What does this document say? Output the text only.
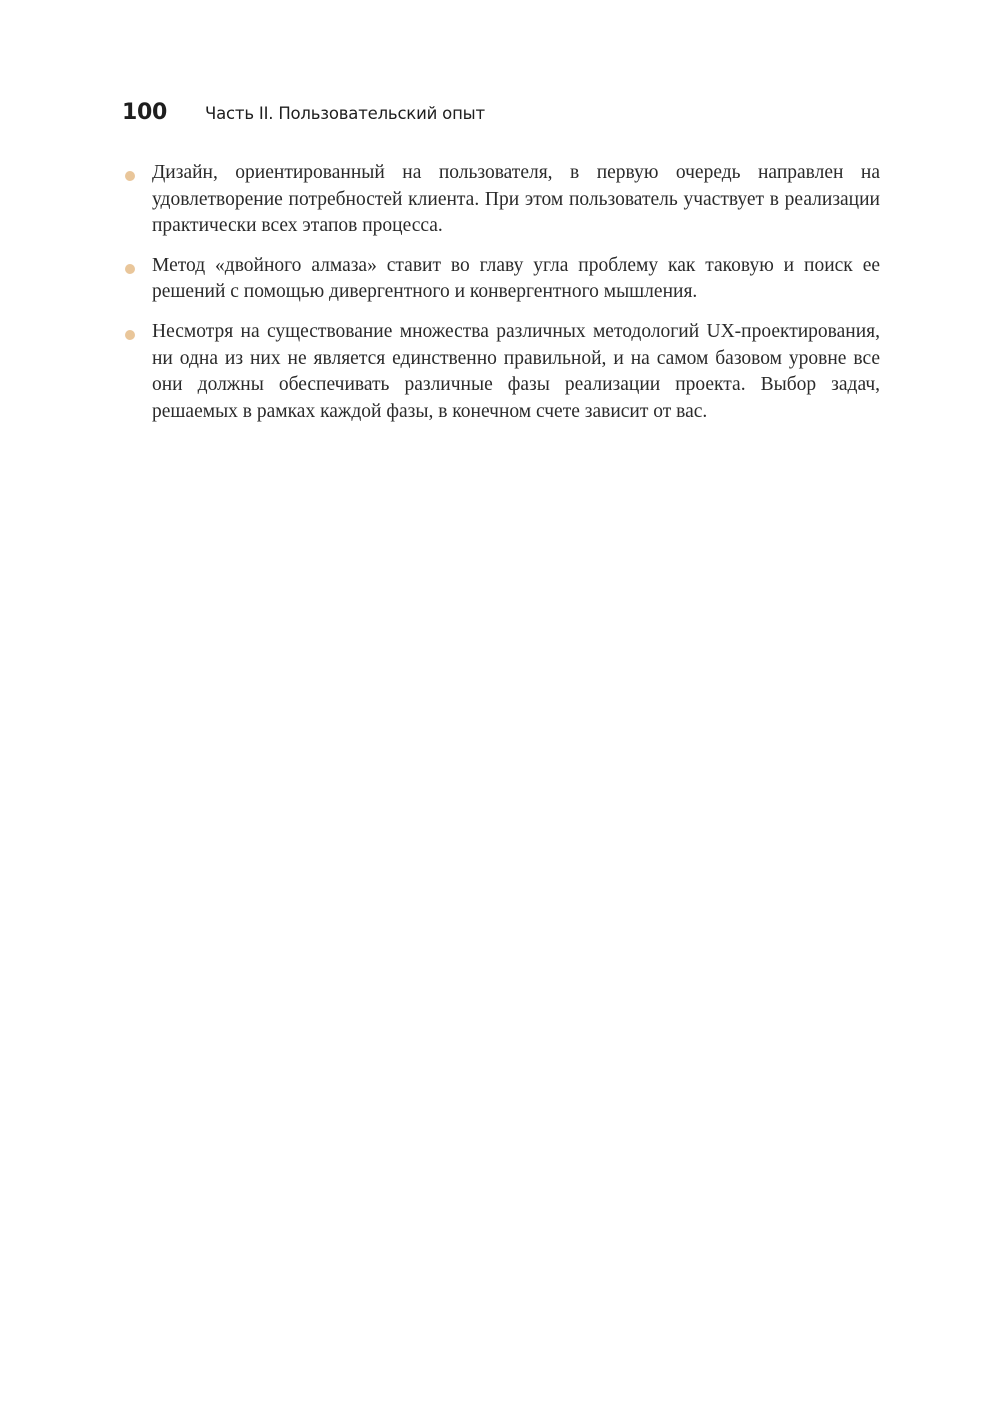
100 Часть II. Пользовательский опыт
Дизайн, ориентированный на пользователя, в первую очередь направлен на удовлетворение потребностей клиента. При этом пользователь участвует в реализации практически всех этапов процесса.
Метод «двойного алмаза» ставит во главу угла проблему как таковую и поиск ее решений с помощью дивергентного и конвергентного мышления.
Несмотря на существование множества различных методологий UX-проектирования, ни одна из них не является единственно правильной, и на самом базовом уровне все они должны обеспечивать различные фазы реализации проекта. Выбор задач, решаемых в рамках каждой фазы, в конечном счете зависит от вас.
